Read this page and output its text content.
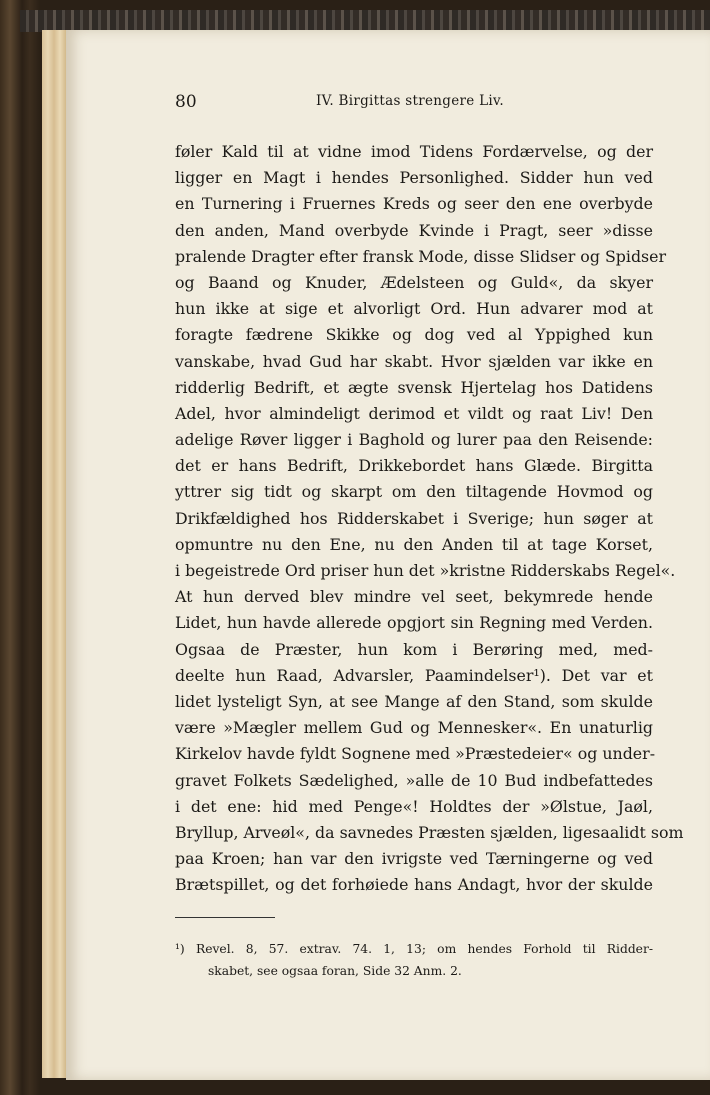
80	IV. Birgittas strengere Liv.
føler Kald til at vidne imod Tidens Fordærvelse, og der
ligger en Magt i hendes Personlighed. Sidder hun ved
en Turnering i Fruernes Kreds og seer den ene overbyde
den anden, Mand overbyde Kvinde i Pragt, seer »disse
pralende Dragter efter fransk Mode, disse Slidser og Spidser
og Baand og Knuder, Ædelsteen og Guld«, da skyer
hun ikke at sige et alvorligt Ord. Hun advarer mod at
foragte fædrene Skikke og dog ved al Yppighed kun
vanskabe, hvad Gud har skabt. Hvor sjælden var ikke en
ridderlig Bedrift, et ægte svensk Hjertelag hos Datidens
Adel, hvor almindeligt derimod et vildt og raat Liv! Den
adelige Røver ligger i Baghold og lurer paa den Reisende:
det er hans Bedrift, Drikkebordet hans Glæde. Birgitta
yttrer sig tidt og skarpt om den tiltagende Hovmod og
Drikfældighed hos Ridderskabet i Sverige; hun søger at
opmuntre nu den Ene, nu den Anden til at tage Korset,
i begeistrede Ord priser hun det »kristne Ridderskabs Regel«.
At hun derved blev mindre vel seet, bekymrede hende
Lidet, hun havde allerede opgjort sin Regning med Verden.
Ogsaa de Præster, hun kom i Berøring med, med-
deelte hun Raad, Advarsler, Paamindelser¹). Det var et
lidet lysteligt Syn, at see Mange af den Stand, som skulde
være »Mægler mellem Gud og Mennesker«. En unaturlig
Kirkelov havde fyldt Sognene med »Præstedeier« og under-
gravet Folkets Sædelighed, »alle de 10 Bud indbefattedes
i det ene: hid med Penge«! Holdtes der »Ølstue, Jaøl,
Bryllup, Arveøl«, da savnedes Præsten sjælden, ligesaalidt som
paa Kroen; han var den ivrigste ved Tærningerne og ved
Brætspillet, og det forhøiede hans Andagt, hvor der skulde
¹) Revel. 8, 57. extrav. 74. 1, 13; om hendes Forhold til Ridder-
skabet, see ogsaa foran, Side 32 Anm. 2.
